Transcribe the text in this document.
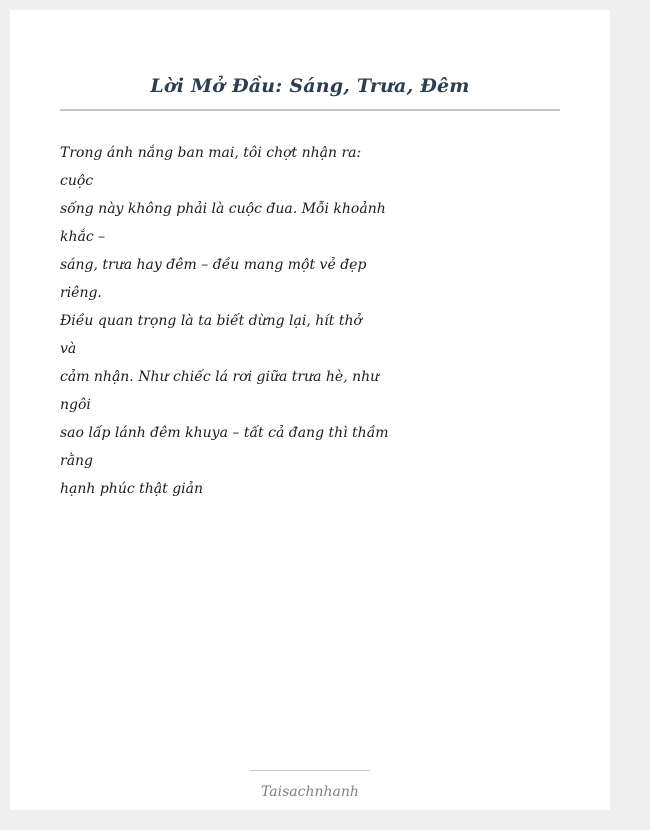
Lời Mở Đầu: Sáng, Trưa, Đêm
Trong ánh nắng ban mai, tôi chợt nhận ra:
cuộc
sống này không phải là cuộc đua. Mỗi khoảnh
khắc –
sáng, trưa hay đêm – đều mang một vẻ đẹp
riêng.
Điều quan trọng là ta biết dừng lại, hít thở
và
cảm nhận. Như chiếc lá rơi giữa trưa hè, như
ngôi
sao lấp lánh đêm khuya – tất cả đang thì thầm
rằng
hạnh phúc thật giản
Taisachnhanh
